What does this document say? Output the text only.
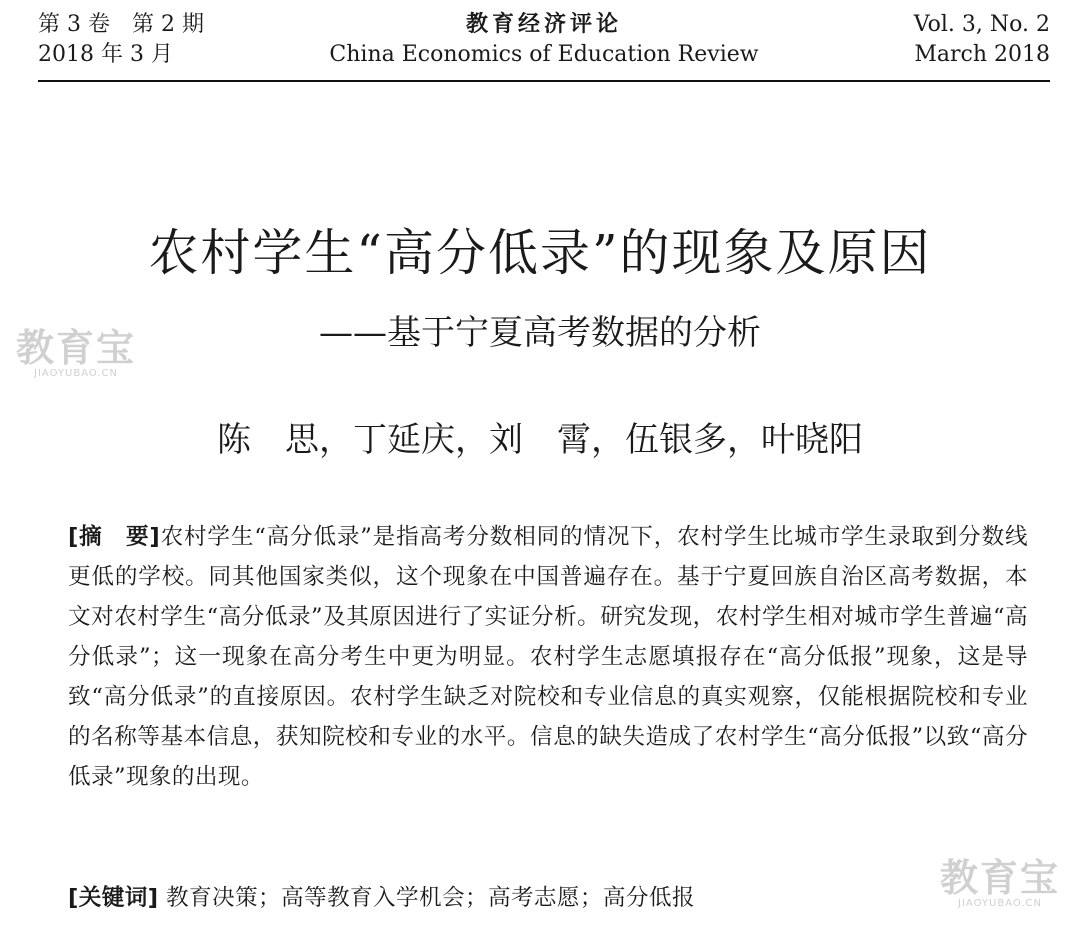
第 3 卷　第 2 期
2018 年 3 月
教育经济评论
China Economics of Education Review
Vol. 3, No. 2
March 2018
农村学生“高分低录”的现象及原因
——基于宁夏高考数据的分析
陈　思，丁延庆，刘　霄，伍银多，叶晓阳
[摘　要]农村学生“高分低录”是指高考分数相同的情况下，农村学生比城市学生录取到分数线更低的学校。同其他国家类似，这个现象在中国普遍存在。基于宁夏回族自治区高考数据，本文对农村学生“高分低录”及其原因进行了实证分析。研究发现，农村学生相对城市学生普遍“高分低录”；这一现象在高分考生中更为明显。农村学生志愿填报存在“高分低报”现象，这是导致“高分低录”的直接原因。农村学生缺乏对院校和专业信息的真实观察，仅能根据院校和专业的名称等基本信息，获知院校和专业的水平。信息的缺失造成了农村学生“高分低报”以致“高分低录”现象的出现。
[关键词] 教育决策；高等教育入学机会；高考志愿；高分低报
教育宝
JIAOYUBAO.CN
教育宝
JIAOYUBAO.CN
